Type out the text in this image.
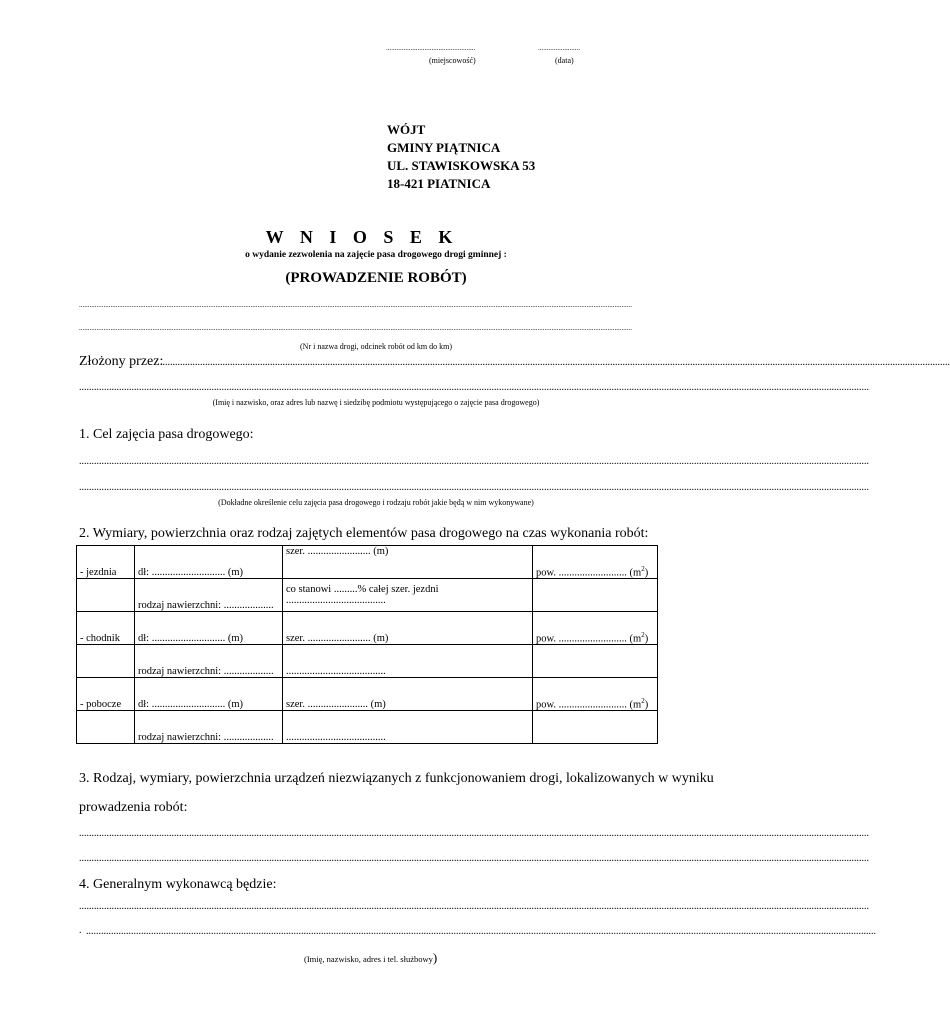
...................................................	........................
(miejscowość)	(data)
WÓJT
GMINY PIĄTNICA
UL. STAWISKOWSKA 53
18-421 PIATNICA
W N I O S E K
o wydanie zezwolenia na zajęcie pasa drogowego drogi gminnej :
(PROWADZENIE ROBÓT)
............................................................................................................................................................................................................................................................................................................................
............................................................................................................................................................................................................................................................................................................................
(Nr i nazwa drogi, odcinek robót od km do km)
Złożony przez:
............................................................................................................................................................................................................................................................................................................................
............................................................................................................................................................................................................................................................................................................................
(Imię i nazwisko, oraz adres lub nazwę i siedzibę podmiotu występującego o zajęcie pasa drogowego)
1. Cel zajęcia pasa drogowego:
............................................................................................................................................................................................................................................................................................................................
............................................................................................................................................................................................................................................................................................................................
(Dokładne określenie celu zajęcia pasa drogowego i rodzaju robót jakie będą w nim wykonywane)
2. Wymiary, powierzchnia oraz rodzaj zajętych elementów pasa drogowego na czas wykonania robót:
- jezdnia	dł: ............................ (m)	szer. ........................ (m)	pow. .......................... $(m^2)$
	rodzaj nawierzchni: ...................	co stanowi .........% całej szer. jezdni
......................................	

- chodnik	dł: ............................ (m)	szer. ........................ (m)	pow. .......................... $(m^2)$
	rodzaj nawierzchni: ...................	......................................	
- pobocze	dł: ............................ (m)	szer. ....................... (m)	pow. .......................... $(m^2)$
	rodzaj nawierzchni: ...................	......................................	
3. Rodzaj, wymiary, powierzchnia urządzeń niezwiązanych z funkcjonowaniem drogi, lokalizowanych w wyniku
prowadzenia robót:
............................................................................................................................................................................................................................................................................................................................
............................................................................................................................................................................................................................................................................................................................
4. Generalnym wykonawcą będzie:
............................................................................................................................................................................................................................................................................................................................
. ............................................................................................................................................................................................................................................................................................................................
(Imię, nazwisko, adres i tel. służbowy)
